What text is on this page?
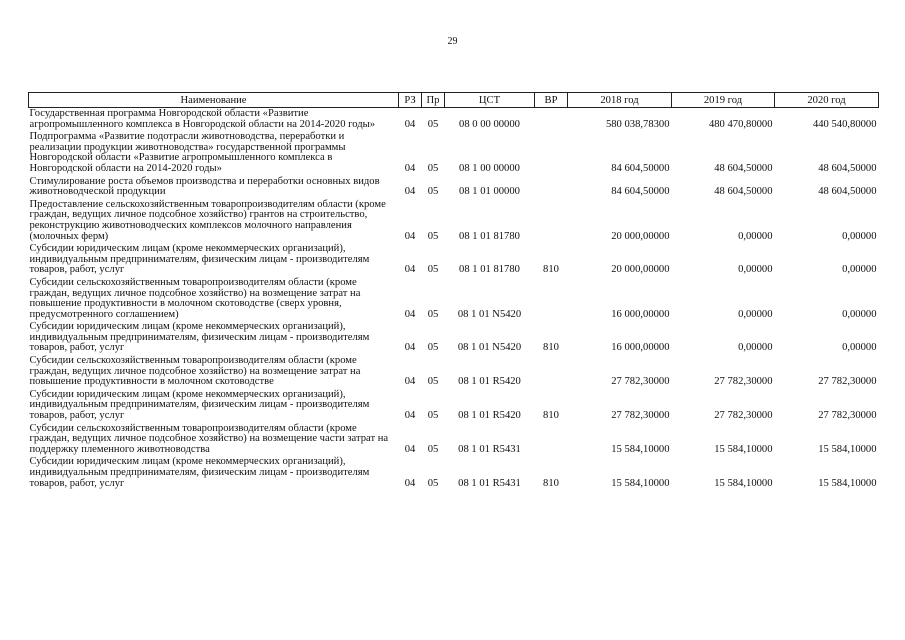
29
Наименование	РЗ	Пр	ЦСТ	ВР	2018 год	2019 год	2020 год
Государственная программа Новгородской области «Развитие агропромышленного комплекса в Новгородской области на 2014-2020 годы»	04	05	08 0 00 00000		580 038,78300	480 470,80000	440 540,80000
Подпрограмма «Развитие подотрасли животноводства, переработки и реализации продукции животноводства» государственной программы Новгородской области «Развитие агропромышленного комплекса в Новгородской области на 2014-2020 годы»	04	05	08 1 00 00000		84 604,50000	48 604,50000	48 604,50000
Стимулирование роста объемов производства и переработки основных видов животноводческой продукции	04	05	08 1 01 00000		84 604,50000	48 604,50000	48 604,50000
Предоставление сельскохозяйственным товаропроизводителям области (кроме граждан, ведущих личное подсобное хозяйство) грантов на строительство, реконструкцию животноводческих комплексов молочного направления (молочных ферм)	04	05	08 1 01 81780		20 000,00000	0,00000	0,00000
Субсидии юридическим лицам (кроме некоммерческих организаций), индивидуальным предпринимателям, физическим лицам - производителям товаров, работ, услуг	04	05	08 1 01 81780	810	20 000,00000	0,00000	0,00000
Субсидии сельскохозяйственным товаропроизводителям области (кроме граждан, ведущих личное подсобное хозяйство) на возмещение затрат на повышение продуктивности в молочном скотоводстве (сверх уровня, предусмотренного соглашением)	04	05	08 1 01 N5420		16 000,00000	0,00000	0,00000
Субсидии юридическим лицам (кроме некоммерческих организаций), индивидуальным предпринимателям, физическим лицам - производителям товаров, работ, услуг	04	05	08 1 01 N5420	810	16 000,00000	0,00000	0,00000
Субсидии сельскохозяйственным товаропроизводителям области (кроме граждан, ведущих личное подсобное хозяйство) на возмещение затрат на повышение продуктивности в молочном скотоводстве	04	05	08 1 01 R5420		27 782,30000	27 782,30000	27 782,30000
Субсидии юридическим лицам (кроме некоммерческих организаций), индивидуальным предпринимателям, физическим лицам - производителям товаров, работ, услуг	04	05	08 1 01 R5420	810	27 782,30000	27 782,30000	27 782,30000
Субсидии сельскохозяйственным товаропроизводителям области (кроме граждан, ведущих личное подсобное хозяйство) на возмещение части затрат на поддержку племенного животноводства	04	05	08 1 01 R5431		15 584,10000	15 584,10000	15 584,10000
Субсидии юридическим лицам (кроме некоммерческих организаций), индивидуальным предпринимателям, физическим лицам - производителям товаров, работ, услуг	04	05	08 1 01 R5431	810	15 584,10000	15 584,10000	15 584,10000
